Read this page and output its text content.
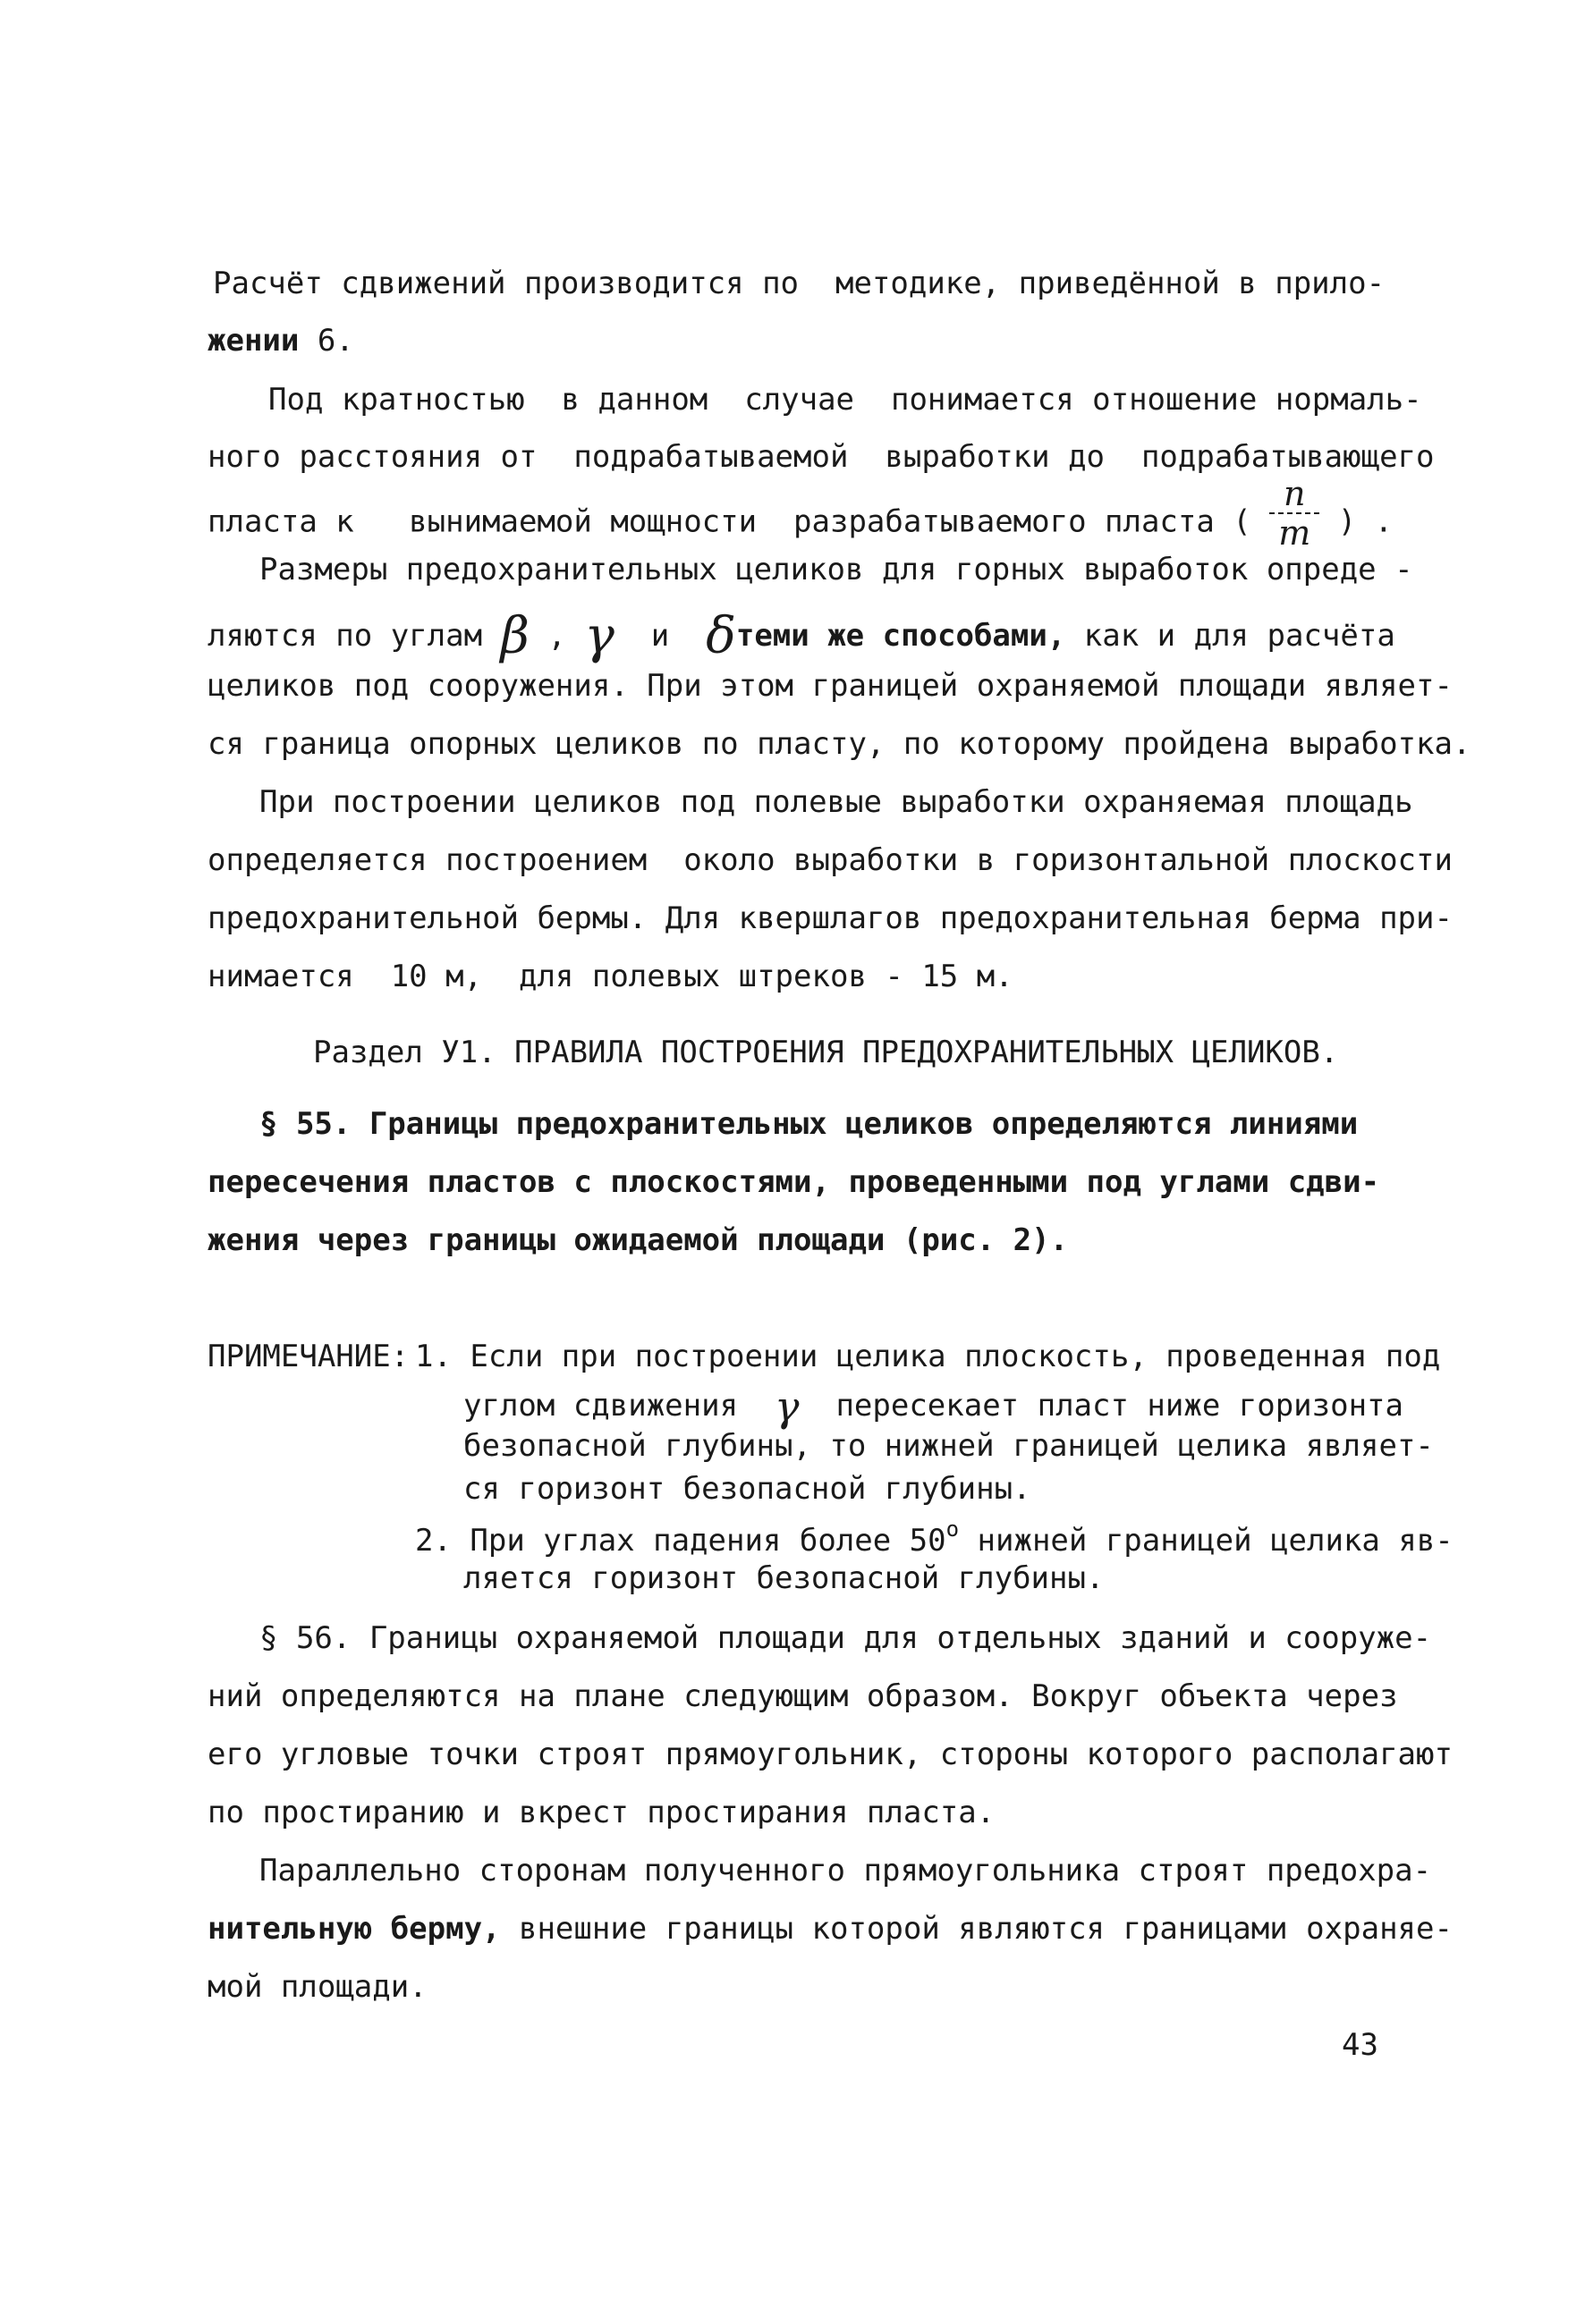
Расчёт сдвижений производится по  методике, приведённой в прило-
жении 6.
Под кратностью  в данном  случае  понимается отношение нормаль-
ного расстояния от  подрабатываемой  выработки до  подрабатывающего
пласта к   вынимаемой мощности  разрабатываемого пласта ( $\frac{n}{m}$ ) .
Размеры предохранительных целиков для горных выработок опреде -
ляются по углам β , γ  и  δтеми же способами, как и для расчёта
целиков под сооружения. При этом границей охраняемой площади являет-
ся граница опорных целиков по пласту, по которому пройдена выработка.
При построении целиков под полевые выработки охраняемая площадь
определяется построением  около выработки в горизонтальной плоскости
предохранительной бермы. Для квершлагов предохранительная берма при-
нимается  10 м,  для полевых штреков - 15 м.
Раздел У1. ПРАВИЛА ПОСТРОЕНИЯ ПРЕДОХРАНИТЕЛЬНЫХ ЦЕЛИКОВ.
§ 55. Границы предохранительных целиков определяются линиями
пересечения пластов с плоскостями, проведенными под углами сдви-
жения через границы ожидаемой площади (рис. 2).
ПРИМЕЧАНИЕ: 1. Если при построении целика плоскость, проведенная под
углом сдвижения  γ  пересекает пласт ниже горизонта
безопасной глубины, то нижней границей целика являет-
ся горизонт безопасной глубины.
2. При углах падения более $50^о$ нижней границей целика яв-
ляется горизонт безопасной глубины.
§ 56. Границы охраняемой площади для отдельных зданий и сооруже-
ний определяются на плане следующим образом. Вокруг объекта через
его угловые точки строят прямоугольник, стороны которого располагают
по простиранию и вкрест простирания пласта.
Параллельно сторонам полученного прямоугольника строят предохра-
нительную берму, внешние границы которой являются границами охраняе-
мой площади.
43
